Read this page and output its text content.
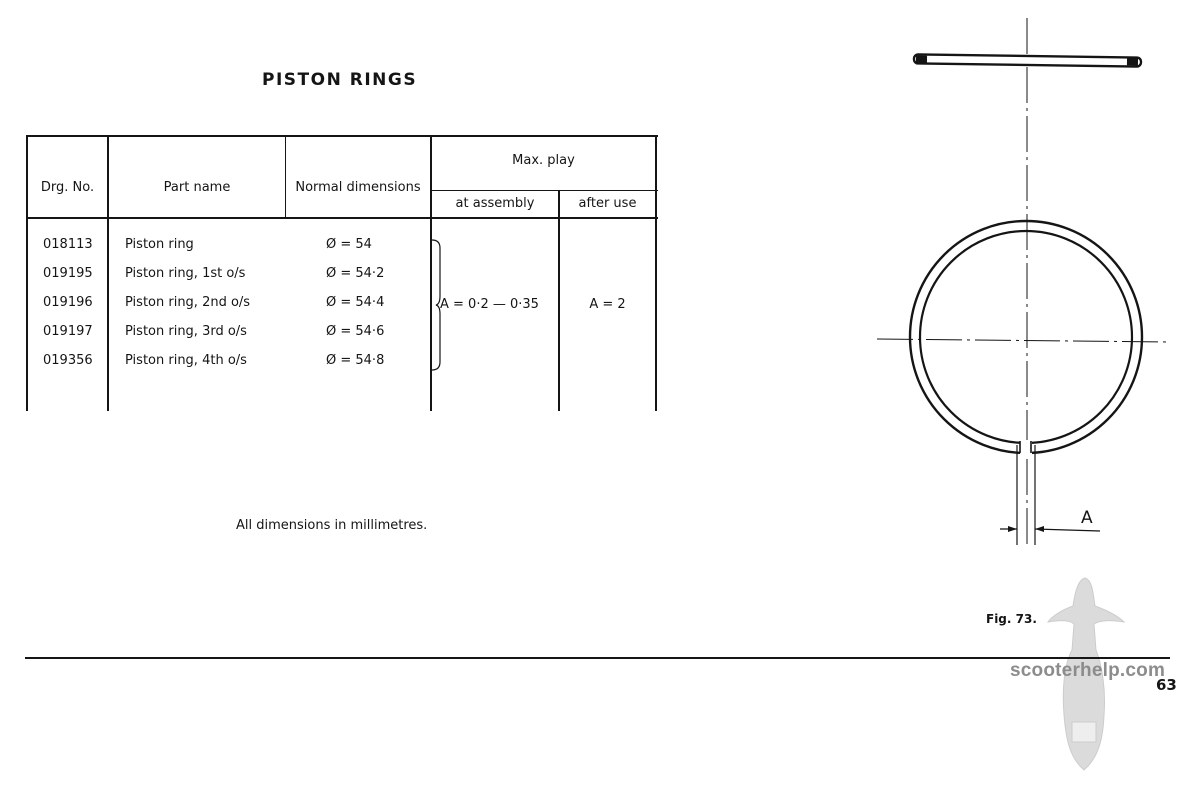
PISTON RINGS
Drg. No.	Part name	Normal dimensions
Max. play
at assembly	after use
018113 Piston ring	Ø = 54
019195 Piston ring, 1st o/s	Ø = 54·2
019196 Piston ring, 2nd o/s	Ø = 54·4
019197 Piston ring, 3rd o/s	Ø = 54·6
019356 Piston ring, 4th o/s	Ø = 54·8
A = 0·2 — 0·35	A = 2
A
All dimensions in millimetres.
Fig. 73.
scooterhelp.com
63
